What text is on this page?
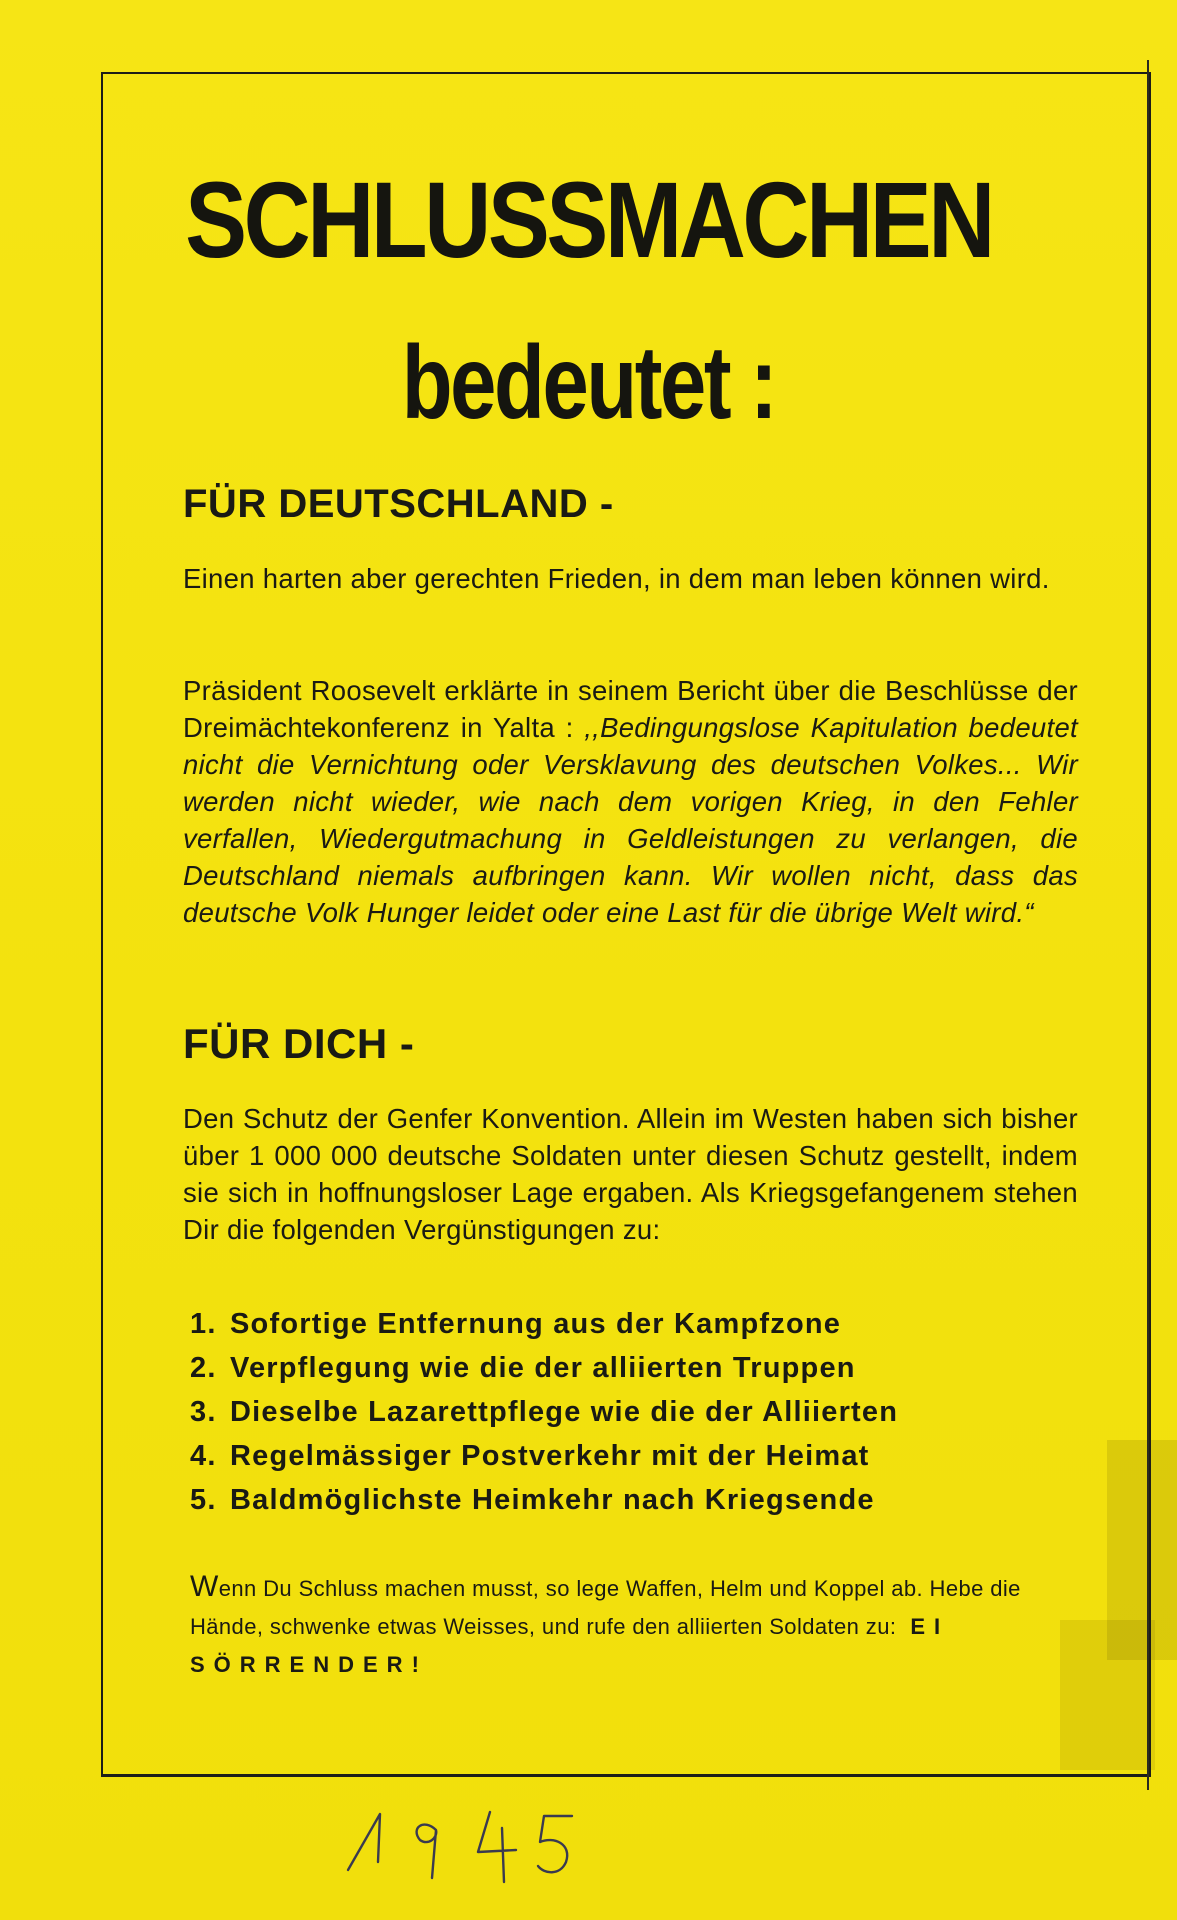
SCHLUSSMACHEN
bedeutet :
FÜR DEUTSCHLAND -
Einen harten aber gerechten Frieden, in dem man leben können wird.
Präsident Roosevelt erklärte in seinem Bericht über die Beschlüsse der Dreimächtekonferenz in Yalta : ,,Bedingungslose Kapitulation bedeutet nicht die Vernichtung oder Versklavung des deutschen Volkes... Wir werden nicht wieder, wie nach dem vorigen Krieg, in den Fehler verfallen, Wiedergutmachung in Geldleistungen zu verlangen, die Deutschland niemals aufbringen kann. Wir wollen nicht, dass das deutsche Volk Hunger leidet oder eine Last für die übrige Welt wird.“
FÜR DICH -
Den Schutz der Genfer Konvention. Allein im Westen haben sich bisher über 1 000 000 deutsche Soldaten unter diesen Schutz gestellt, indem sie sich in hoffnungsloser Lage ergaben. Als Kriegsgefangenem stehen Dir die folgenden Vergünstigungen zu:
1. Sofortige Entfernung aus der Kampfzone
2. Verpflegung wie die der alliierten Truppen
3. Dieselbe Lazarettpflege wie die der Alliierten
4. Regelmässiger Postverkehr mit der Heimat
5. Baldmöglichste Heimkehr nach Kriegsende
Wenn Du Schluss machen musst, so lege Waffen, Helm und Koppel ab. Hebe die Hände, schwenke etwas Weisses, und rufe den alliierten Soldaten zu: EI SÖRRENDER!
